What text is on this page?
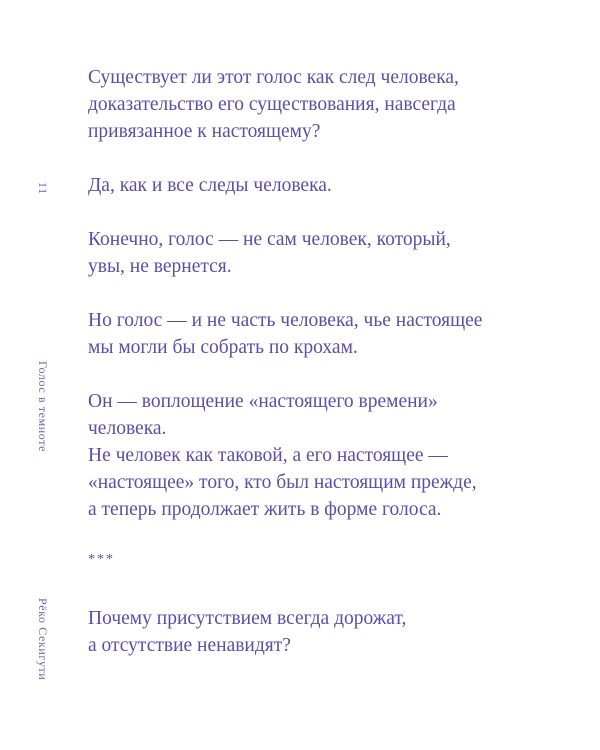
11
Голос в темноте
Рёко Секигути

Существует ли этот голос как след человека,
доказательство его существования, навсегда
привязанное к настоящему?

Да, как и все следы человека.

Конечно, голос — не сам человек, который,
увы, не вернется.

Но голос — и не часть человека, чье настоящее
мы могли бы собрать по крохам.

Он — воплощение «настоящего времени»
человека.
Не человек как таковой, а его настоящее —
«настоящее» того, кто был настоящим прежде,
а теперь продолжает жить в форме голоса.

***

Почему присутствием всегда дорожат,
а отсутствие ненавидят?
